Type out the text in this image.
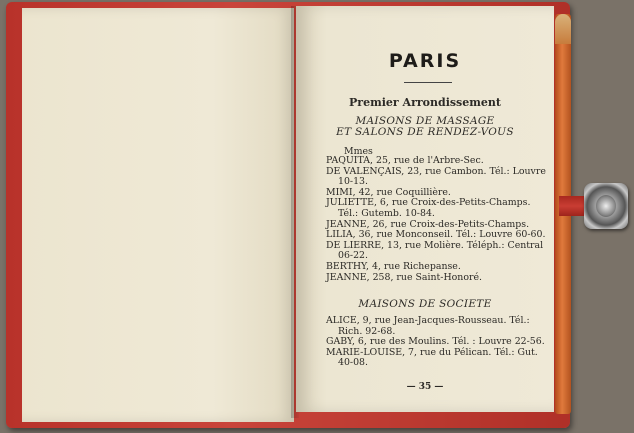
PARIS
Premier Arrondissement
MAISONS DE MASSAGE
ET SALONS DE RENDEZ-VOUS
Mmes

PAQUITA, 25, rue de l'Arbre-Sec.

DE VALENÇAIS, 23, rue Cambon. Tél.: Louvre 10-13.

MIMI, 42, rue Coquillière.

JULIETTE, 6, rue Croix-des-Petits-Champs. Tél.: Gutemb. 10-84.

JEANNE, 26, rue Croix-des-Petits-Champs.

LILIA, 36, rue Monconseil. Tél.: Louvre 60-60.

DE LIERRE, 13, rue Molière. Téléph.: Central 06-22.

BERTHY, 4, rue Richepanse.

JEANNE, 258, rue Saint-Honoré.

MAISONS DE SOCIETE

ALICE, 9, rue Jean-Jacques-Rousseau. Tél.: Rich. 92-68.

GABY, 6, rue des Moulins. Tél. : Louvre 22-56.

MARIE-LOUISE, 7, rue du Pélican. Tél.: Gut. 40-08.

— 35 —
